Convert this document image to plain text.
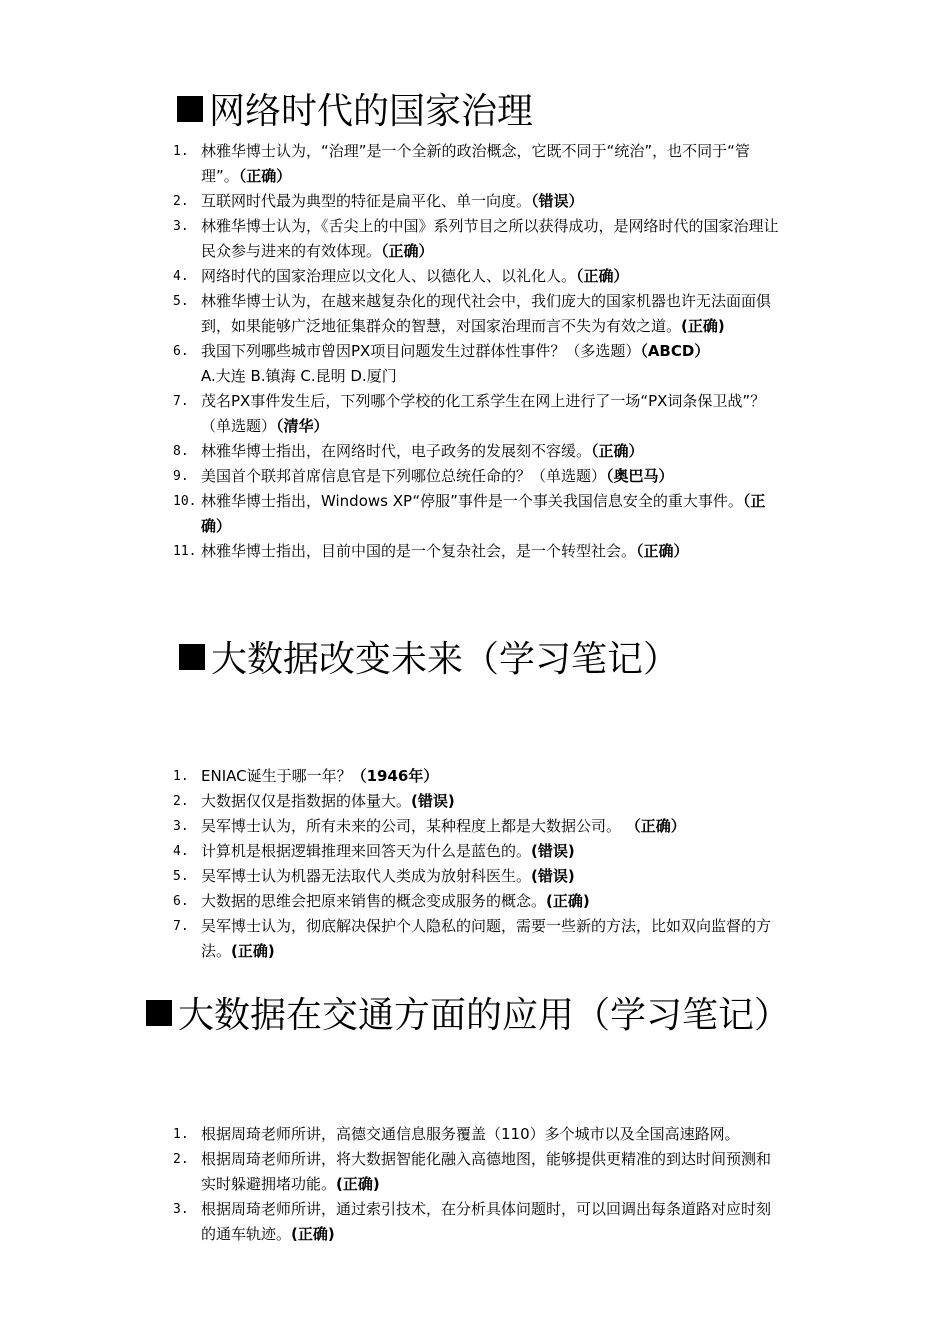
网络时代的国家治理
1. 林雅华博士认为，“治理”是一个全新的政治概念，它既不同于“统治”，也不同于“管理”。（正确）
2. 互联网时代最为典型的特征是扁平化、单一向度。（错误）
3. 林雅华博士认为，《舌尖上的中国》系列节目之所以获得成功，是网络时代的国家治理让民众参与进来的有效体现。（正确）
4. 网络时代的国家治理应以文化人、以德化人、以礼化人。（正确）
5. 林雅华博士认为，在越来越复杂化的现代社会中，我们庞大的国家机器也许无法面面俱到，如果能够广泛地征集群众的智慧，对国家治理而言不失为有效之道。(正确)
6. 我国下列哪些城市曾因PX项目问题发生过群体性事件？（多选题）（ABCD）
A.大连 B.镇海 C.昆明 D.厦门
7. 茂名PX事件发生后，下列哪个学校的化工系学生在网上进行了一场“PX词条保卫战”？（单选题）（清华）
8. 林雅华博士指出，在网络时代，电子政务的发展刻不容缓。（正确）
9. 美国首个联邦首席信息官是下列哪位总统任命的？（单选题）（奥巴马）
10. 林雅华博士指出，Windows XP“停服”事件是一个事关我国信息安全的重大事件。（正确）
11. 林雅华博士指出，目前中国的是一个复杂社会，是一个转型社会。（正确）
大数据改变未来（学习笔记）
1. ENIAC诞生于哪一年？（1946年）
2. 大数据仅仅是指数据的体量大。(错误)
3. 吴军博士认为，所有未来的公司，某种程度上都是大数据公司。 （正确）
4. 计算机是根据逻辑推理来回答天为什么是蓝色的。(错误)
5. 吴军博士认为机器无法取代人类成为放射科医生。(错误)
6. 大数据的思维会把原来销售的概念变成服务的概念。(正确)
7. 吴军博士认为，彻底解决保护个人隐私的问题，需要一些新的方法，比如双向监督的方法。(正确)
大数据在交通方面的应用（学习笔记）
1. 根据周琦老师所讲，高德交通信息服务覆盖（110）多个城市以及全国高速路网。
2. 根据周琦老师所讲，将大数据智能化融入高德地图，能够提供更精准的到达时间预测和实时躲避拥堵功能。(正确)
3. 根据周琦老师所讲，通过索引技术，在分析具体问题时，可以回调出每条道路对应时刻的通车轨迹。(正确)
